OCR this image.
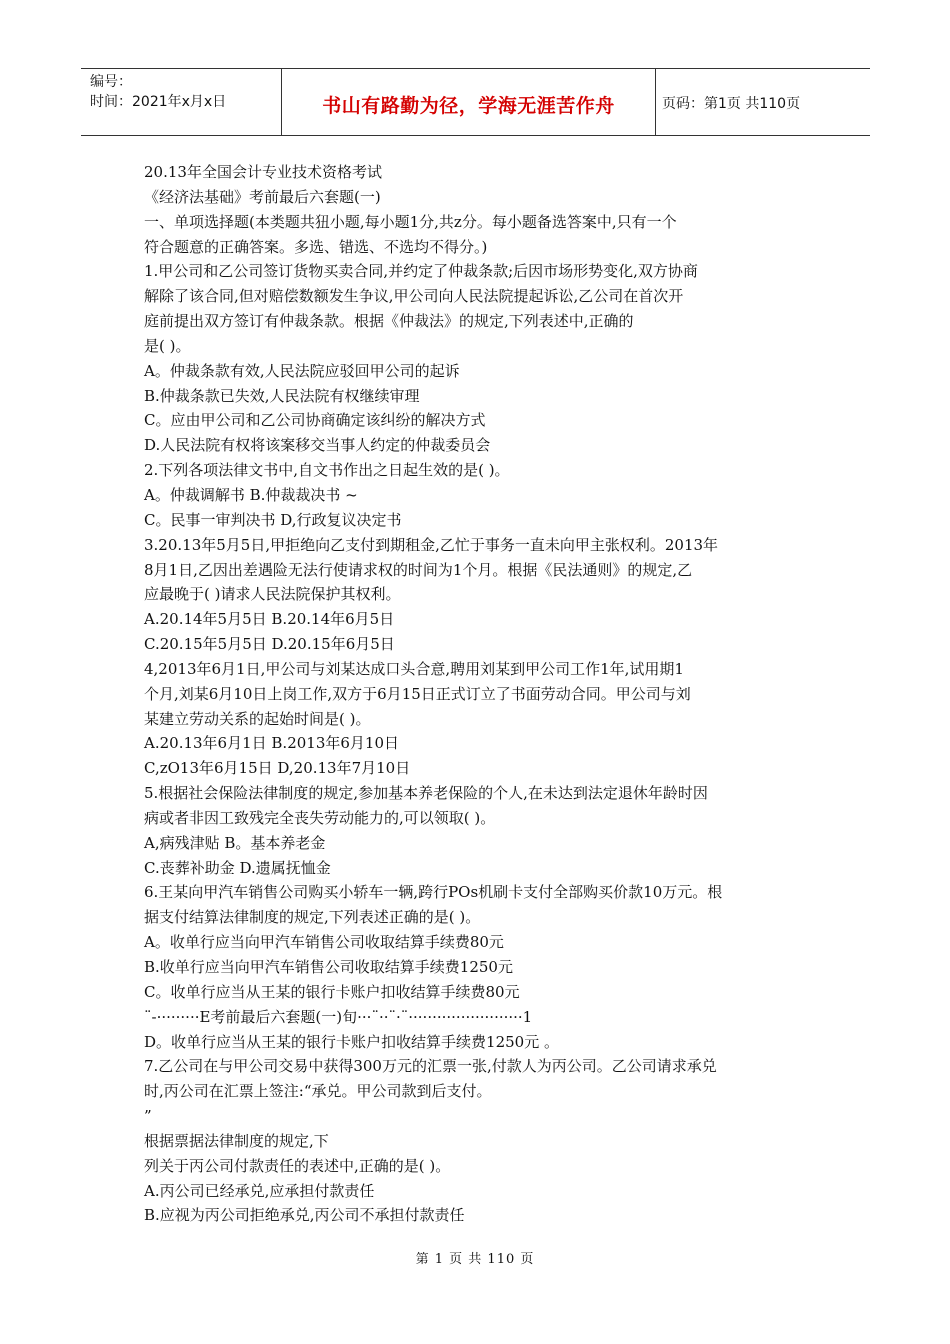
编号：
时间：2021年x月x日	书山有路勤为径，学海无涯苦作舟	页码：第1页 共110页

20.13年全国会计专业技术资格考试

《经济法基础》考前最后六套题(一)

一、单项选择题(本类题共狃小题,每小题1分,共z分。每小题备选答案中,只有一个

符合题意的正确答案。多选、错选、不选均不得分。)

1.甲公司和乙公司签订货物买卖合同,并约定了仲裁条款;后因市场形势变化,双方协商

解除了该合同,但对赔偿数额发生争议,甲公司向人民法院提起诉讼,乙公司在首次开

庭前提出双方签订有仲裁条款。根据《仲裁法》的规定,下列表述中,正确的

是( )。

A。仲裁条款有效,人民法院应驳回甲公司的起诉

B.仲裁条款已失效,人民法院有权继续审理

C。应由甲公司和乙公司协商确定该纠纷的解决方式

D.人民法院有权将该案移交当事人约定的仲裁委员会

2.下列各项法律文书中,自文书作出之日起生效的是( )。

A。仲裁调解书 B.仲裁裁决书 ~

C。民事一审判决书 D,行政复议决定书

3.20.13年5月5日,甲拒绝向乙支付到期租金,乙忙于事务一直未向甲主张权利。2013年

8月1日,乙因出差遇险无法行使请求权的时间为1个月。根据《民法通则》的规定,乙

应最晚于( )请求人民法院保护其权利。

A.20.14年5月5日 B.20.14年6月5日

C.20.15年5月5日 D.20.15年6月5日

4,2013年6月1日,甲公司与刘某达成口头合意,聘用刘某到甲公司工作1年,试用期1

个月,刘某6月10日上岗工作,双方于6月15日正式订立了书面劳动合同。甲公司与刘

某建立劳动关系的起始时间是( )。

A.20.13年6月1日 B.2013年6月10日

C,zO13年6月15日 D,20.13年7月10日

5.根据社会保险法律制度的规定,参加基本养老保险的个人,在未达到法定退休年龄时因

病或者非因工致残完全丧失劳动能力的,可以领取( )。

A,病残津贴 B。基本养老金

C.丧葬补助金 D.遗属抚恤金

6.王某向甲汽车销售公司购买小轿车一辆,跨行POs机刷卡支付全部购买价款10万元。根

据支付结算法律制度的规定,下列表述正确的是( )。

A。收单行应当向甲汽车销售公司收取结算手续费80元

B.收单行应当向甲汽车销售公司收取结算手续费1250元

C。收单行应当从王某的银行卡账户扣收结算手续费80元

¨-·········E考前最后六套题(一)旬···¨··¨·¨························1

D。收单行应当从王某的银行卡账户扣收结算手续费1250元 。

7.乙公司在与甲公司交易中获得300万元的汇票一张,付款人为丙公司。乙公司请求承兑

时,丙公司在汇票上签注:“承兑。甲公司款到后支付。

”

根据票据法律制度的规定,下

列关于丙公司付款责任的表述中,正确的是( )。

A.丙公司已经承兑,应承担付款责任

B.应视为丙公司拒绝承兑,丙公司不承担付款责任

第 1 页 共 110 页
